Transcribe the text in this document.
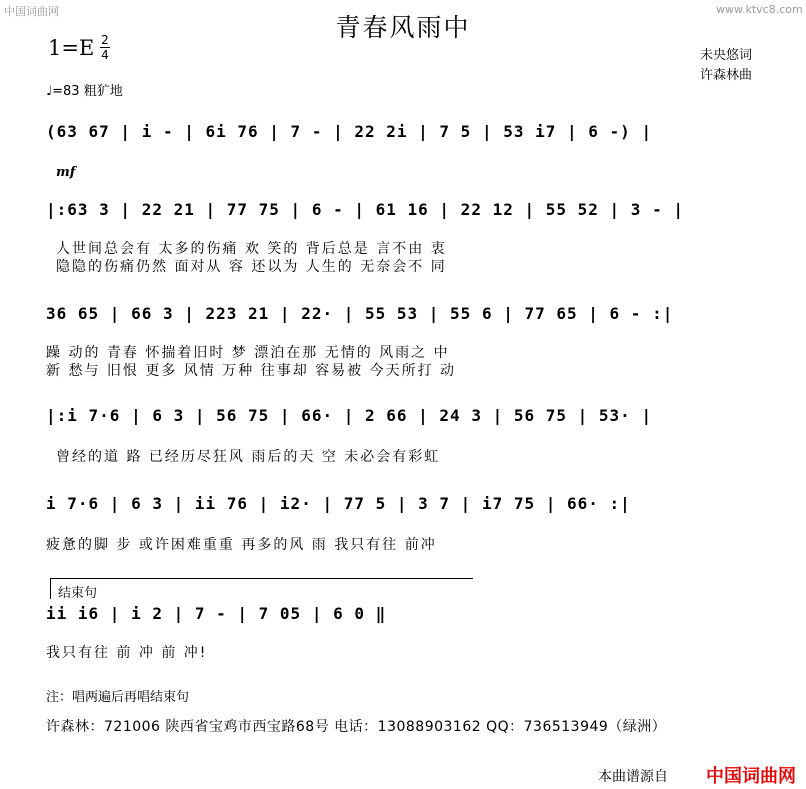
中国词曲网	www.ktvc8.com
青春风雨中
1=E 2
4	未央悠词
许森林曲
♩=83 粗犷地
(63 67 | i - | 6i 76 | 7 - | 22 2i | 7 5 | 53 i7 | 6 -) |
mf
|:63 3 | 22 21 | 77 75 | 6 - | 61 16 | 22 12 | 55 52 | 3 - |
人世间总会有 太多的伤痛 欢 笑的 背后总是 言不由 衷
隐隐的伤痛仍然 面对从 容 还以为 人生的 无奈会不 同
36 65 | 66 3 | 223 21 | 22· | 55 53 | 55 6 | 77 65 | 6 - :|
躁 动的 青春 怀揣着旧时 梦 漂泊在那 无情的 风雨之 中
新 愁与 旧恨 更多 风情 万种 往事却 容易被 今天所打 动
|:i 7·6 | 6 3 | 56 75 | 66· | 2 66 | 24 3 | 56 75 | 53· |
曾经的道 路 已经历尽狂风 雨后的天 空 未必会有彩虹
i 7·6 | 6 3 | ii 76 | i2· | 77 5 | 3 7 | i7 75 | 66· :|
疲惫的脚 步 或许困难重重 再多的风 雨 我只有往 前冲
结束句
ii i6 | i 2 | 7 - | 7 05 | 6 0 ‖
我只有往 前 冲 前 冲!
注：唱两遍后再唱结束句
许森林：721006 陕西省宝鸡市西宝路68号 电话：13088903162 QQ：736513949（绿洲）
本曲谱源自 中国词曲网
